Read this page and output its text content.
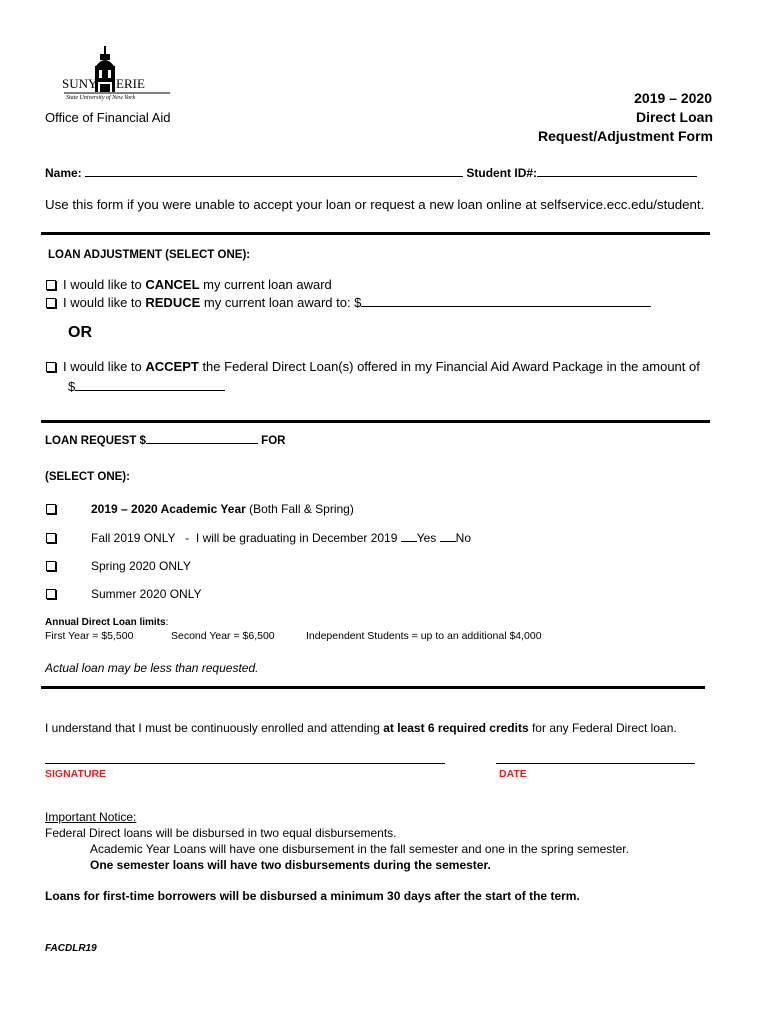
SUNY ERIE
State University of New York
Office of Financial Aid
2019 – 2020
Direct Loan
Request/Adjustment Form
Name:	Student ID#:
Use this form if you were unable to accept your loan or request a new loan online at selfservice.ecc.edu/student.
LOAN ADJUSTMENT (SELECT ONE):
I would like to CANCEL my current loan award
I would like to REDUCE my current loan award to: $
OR
I would like to ACCEPT the Federal Direct Loan(s) offered in my Financial Aid Award Package in the amount of
$
LOAN REQUEST $	FOR
(SELECT ONE):
2019 – 2020 Academic Year (Both Fall & Spring)
Fall 2019 ONLY   -  I will be graduating in December 2019 Yes No
Spring 2020 ONLY
Summer 2020 ONLY
Annual Direct Loan limits:
First Year = $5,500	Second Year = $6,500	Independent Students = up to an additional $4,000
Actual loan may be less than requested.
I understand that I must be continuously enrolled and attending at least 6 required credits for any Federal Direct loan.
SIGNATURE	DATE
Important Notice:
Federal Direct loans will be disbursed in two equal disbursements.
Academic Year Loans will have one disbursement in the fall semester and one in the spring semester.
One semester loans will have two disbursements during the semester.
Loans for first-time borrowers will be disbursed a minimum 30 days after the start of the term.
FACDLR19
